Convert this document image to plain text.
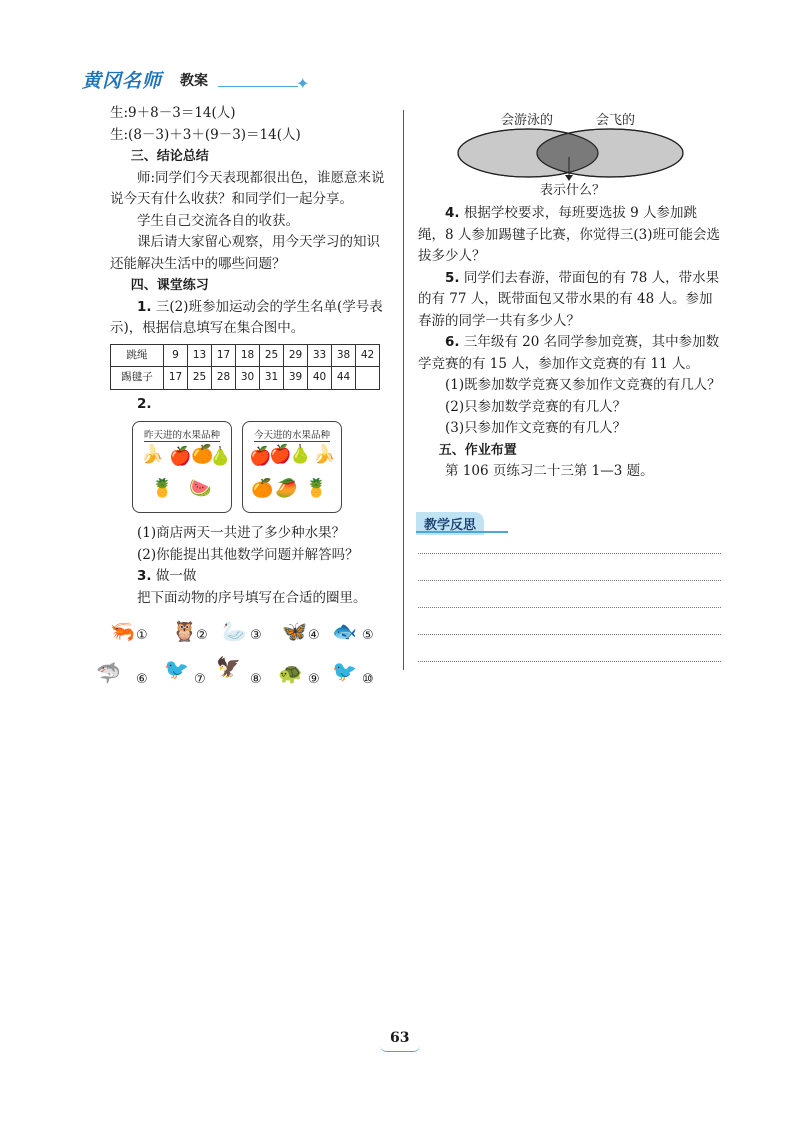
黄冈名师 教案	✦

生:9＋8－3＝14(人)

生:(8－3)＋3＋(9－3)＝14(人)

三、结论总结

师:同学们今天表现都很出色，谁愿意来说说今天有什么收获？和同学们一起分享。

学生自己交流各自的收获。

课后请大家留心观察，用今天学习的知识还能解决生活中的哪些问题？

四、课堂练习

1. 三(2)班参加运动会的学生名单(学号表示)，根据信息填写在集合图中。

跳绳	9	13	17	18	25	29	33	38	42
踢毽子	17	25	28	30	31	39	40	44	

2.

昨天进的水果品种
🍌 🍎 🍊
🍐
🍍 🍉
今天进的水果品种
🍎
🍎
🍐 🍌
🍊 🥭 🍍

(1)商店两天一共进了多少种水果？

(2)你能提出其他数学问题并解答吗？

3. 做一做

把下面动物的序号填写在合适的圈里。

🦐 ① 🦉 ② 🦢 ③ 🦋 ④ 🐟 ⑤
🦈 ⑥ 🐦 ⑦
🦅
⑧ 🐢 ⑨ 🐦 ⑩
会游泳的	会飞的
表示什么？

4. 根据学校要求，每班要选拔 9 人参加跳绳，8 人参加踢毽子比赛，你觉得三(3)班可能会选拔多少人？

5. 同学们去春游，带面包的有 78 人，带水果的有 77 人，既带面包又带水果的有 48 人。参加春游的同学一共有多少人？

6. 三年级有 20 名同学参加竞赛，其中参加数学竞赛的有 15 人，参加作文竞赛的有 11 人。

(1)既参加数学竞赛又参加作文竞赛的有几人？

(2)只参加数学竞赛的有几人？

(3)只参加作文竞赛的有几人？

五、作业布置

第 106 页练习二十三第 1—3 题。

教学反思
63
